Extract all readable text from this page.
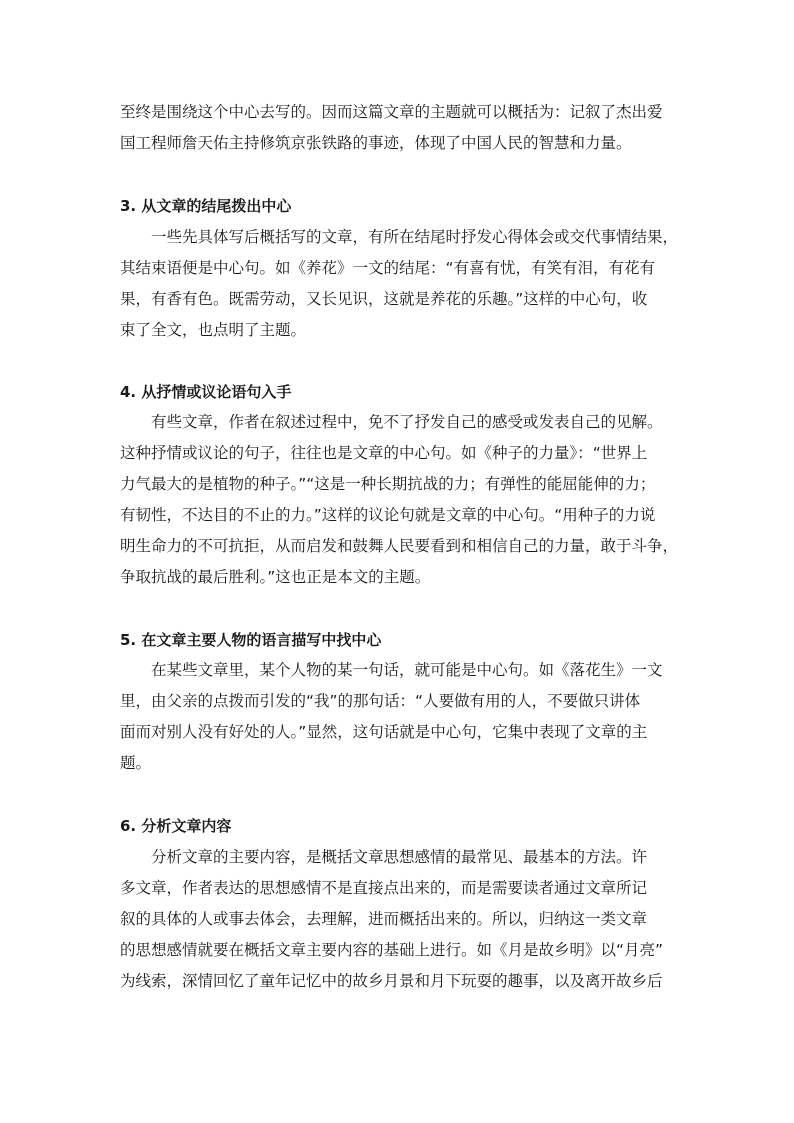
至终是围绕这个中心去写的。因而这篇文章的主题就可以概括为：记叙了杰出爱
国工程师詹天佑主持修筑京张铁路的事迹，体现了中国人民的智慧和力量。
3. 从文章的结尾拨出中心
一些先具体写后概括写的文章，有所在结尾时抒发心得体会或交代事情结果，
其结束语便是中心句。如《养花》一文的结尾：“有喜有忧，有笑有泪，有花有
果，有香有色。既需劳动，又长见识，这就是养花的乐趣。”这样的中心句，收
束了全文，也点明了主题。
4. 从抒情或议论语句入手
有些文章，作者在叙述过程中，免不了抒发自己的感受或发表自己的见解。
这种抒情或议论的句子，往往也是文章的中心句。如《种子的力量》：“世界上
力气最大的是植物的种子。”“这是一种长期抗战的力；有弹性的能屈能伸的力；
有韧性，不达目的不止的力。”这样的议论句就是文章的中心句。“用种子的力说
明生命力的不可抗拒，从而启发和鼓舞人民要看到和相信自己的力量，敢于斗争，
争取抗战的最后胜利。”这也正是本文的主题。
5. 在文章主要人物的语言描写中找中心
在某些文章里，某个人物的某一句话，就可能是中心句。如《落花生》一文
里，由父亲的点拨而引发的“我”的那句话：“人要做有用的人，不要做只讲体
面而对别人没有好处的人。”显然，这句话就是中心句，它集中表现了文章的主
题。
6. 分析文章内容
分析文章的主要内容，是概括文章思想感情的最常见、最基本的方法。许
多文章，作者表达的思想感情不是直接点出来的，而是需要读者通过文章所记
叙的具体的人或事去体会，去理解，进而概括出来的。所以，归纳这一类文章
的思想感情就要在概括文章主要内容的基础上进行。如《月是故乡明》以“月亮”
为线索，深情回忆了童年记忆中的故乡月景和月下玩耍的趣事，以及离开故乡后
